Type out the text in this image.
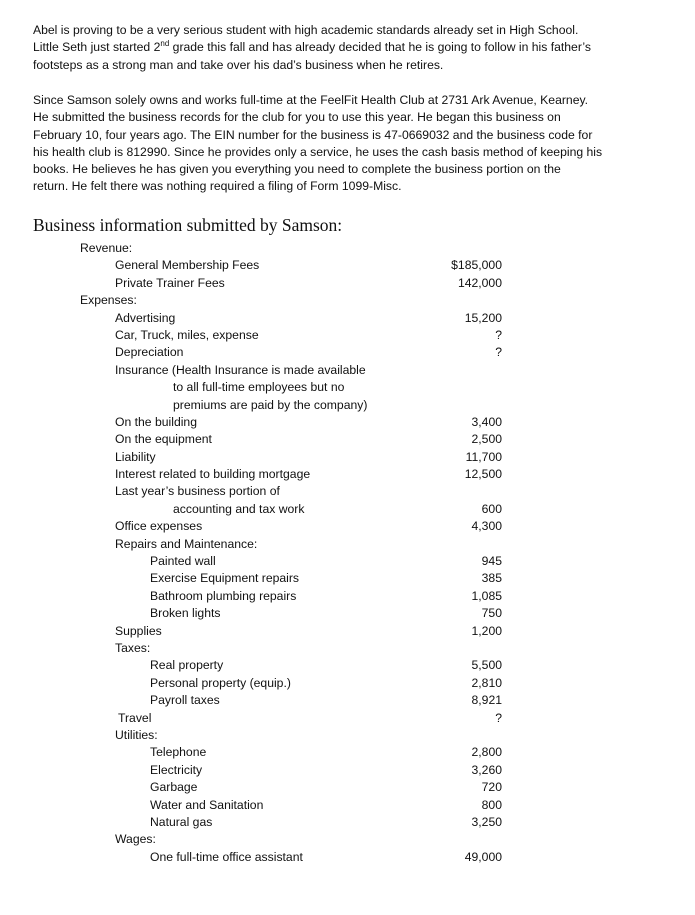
Abel is proving to be a very serious student with high academic standards already set in High School.
Little Seth just started 2nd grade this fall and has already decided that he is going to follow in his father’s
footsteps as a strong man and take over his dad’s business when he retires.
Since Samson solely owns and works full-time at the FeelFit Health Club at 2731 Ark Avenue, Kearney.
He submitted the business records for the club for you to use this year. He began this business on
February 10, four years ago. The EIN number for the business is 47-0669032 and the business code for
his health club is 812990. Since he provides only a service, he uses the cash basis method of keeping his
books. He believes he has given you everything you need to complete the business portion on the
return. He felt there was nothing required a filing of Form 1099-Misc.
Business information submitted by Samson:
Revenue:
General Membership Fees	$185,000
Private Trainer Fees	142,000
Expenses:
Advertising	15,200
Car, Truck, miles, expense	?
Depreciation	?
Insurance (Health Insurance is made available
to all full-time employees but no
premiums are paid by the company)
On the building	3,400
On the equipment	2,500
Liability	11,700
Interest related to building mortgage	12,500
Last year’s business portion of
accounting and tax work	600
Office expenses	4,300
Repairs and Maintenance:
Painted wall	945
Exercise Equipment repairs	385
Bathroom plumbing repairs	1,085
Broken lights	750
Supplies	1,200
Taxes:
Real property	5,500
Personal property (equip.)	2,810
Payroll taxes	8,921
Travel	?
Utilities:
Telephone	2,800
Electricity	3,260
Garbage	720
Water and Sanitation	800
Natural gas	3,250
Wages:
One full-time office assistant	49,000
